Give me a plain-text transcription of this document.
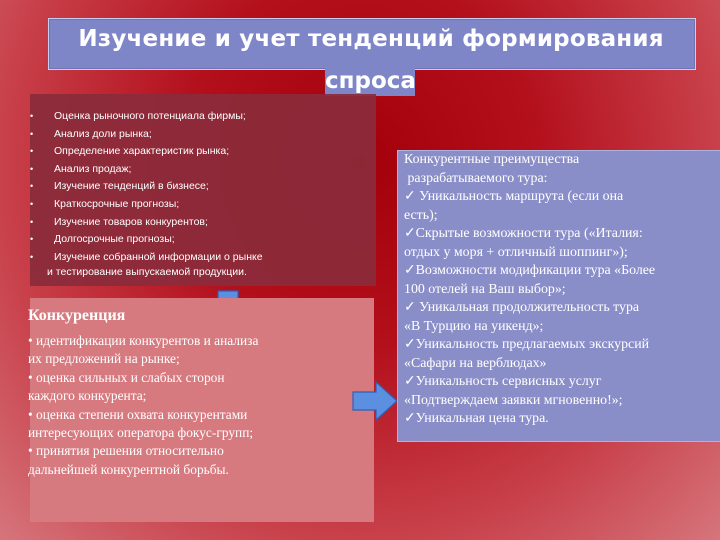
Изучение и учет тенденций формирования
спроса
• Оценка рыночного потенциала фирмы;
• Анализ доли рынка;
• Определение характеристик рынка;
• Анализ продаж;
• Изучение тенденций в бизнесе;
• Краткосрочные прогнозы;
• Изучение товаров конкурентов;
• Долгосрочные прогнозы;
• Изучение собранной информации о рынке
и тестирование выпускаемой продукции.
Конкуренция
• идентификации конкурентов и анализа
их предложений на рынке;
• оценка сильных и слабых сторон
каждого конкурента;
• оценка степени охвата конкурентами
интересующих оператора фокус-групп;
• принятия решения относительно
дальнейшей конкурентной борьбы.
Конкурентные преимущества
разрабатываемого тура:
✓ Уникальность маршрута (если она
есть);
✓Скрытые возможности тура («Италия:
отдых у моря + отличный шоппинг»);
✓Возможности модификации тура «Более
100 отелей на Ваш выбор»;
✓ Уникальная продолжительность тура
«В Турцию на уикенд»;
✓Уникальность предлагаемых экскурсий
«Сафари на верблюдах»
✓Уникальность сервисных услуг
«Подтверждаем заявки мгновенно!»;
✓Уникальная цена тура.
